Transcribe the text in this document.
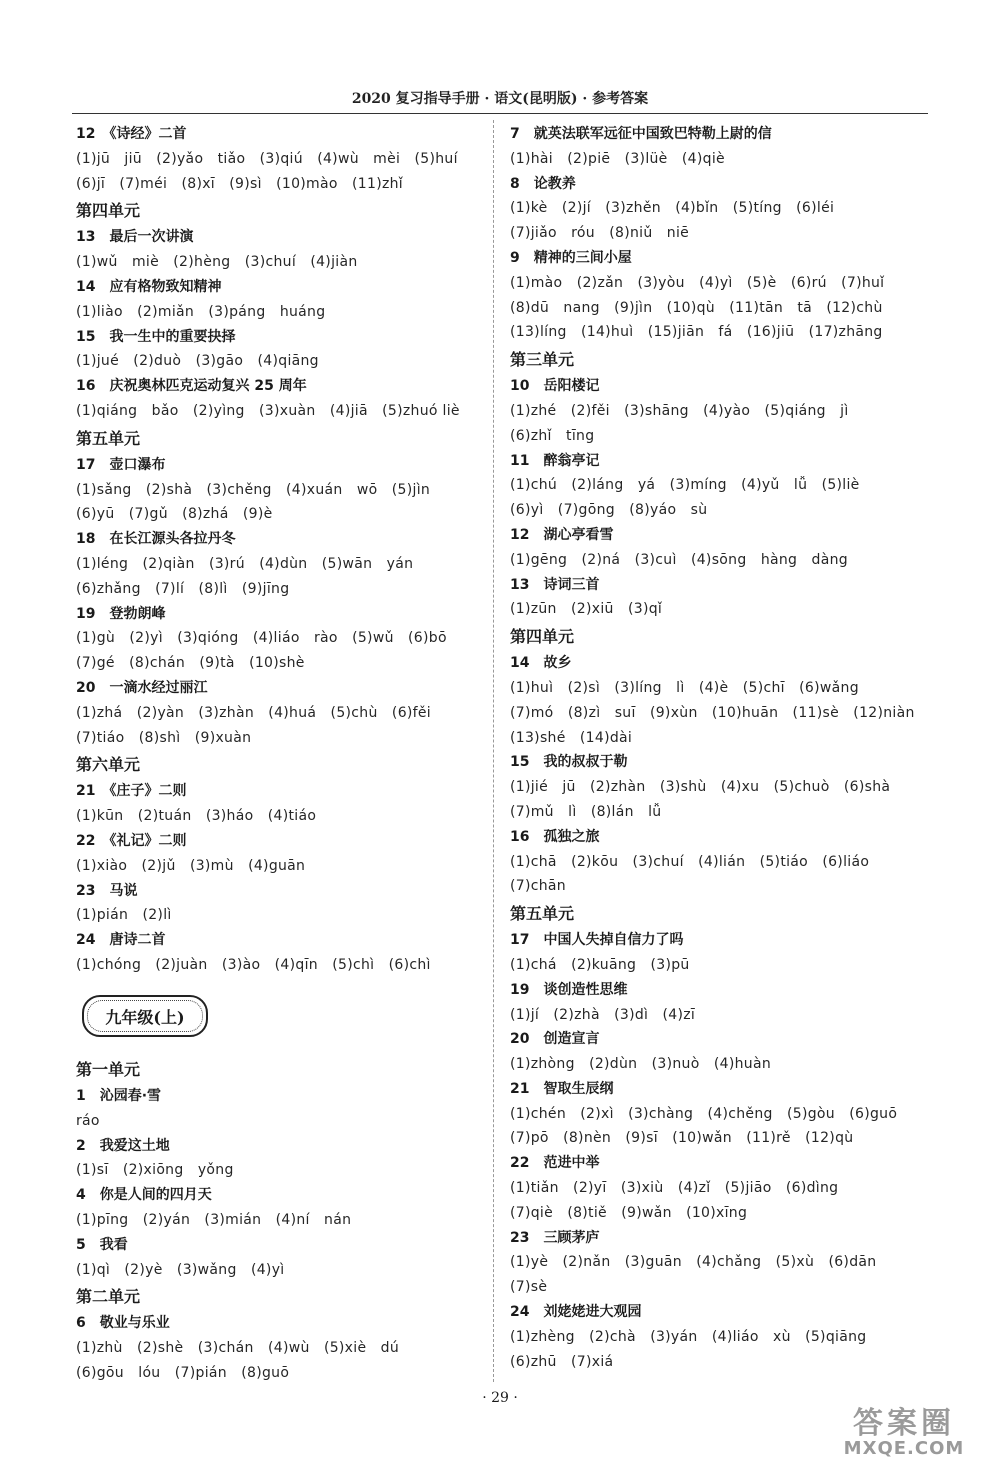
2020 复习指导手册 · 语文(昆明版) · 参考答案
12　《诗经》二首
(1)jū　jiū　(2)yǎo　tiǎo　(3)qiú　(4)wù　mèi　(5)huí
(6)jī　(7)méi　(8)xī　(9)sì　(10)mào　(11)zhǐ
第四单元
13　最后一次讲演
(1)wǔ　miè　(2)hèng　(3)chuí　(4)jiàn
14　应有格物致知精神
(1)liào　(2)miǎn　(3)páng　huáng
15　我一生中的重要抉择
(1)jué　(2)duò　(3)gāo　(4)qiāng
16　庆祝奥林匹克运动复兴 25 周年
(1)qiáng　bǎo　(2)yìng　(3)xuàn　(4)jiā　(5)zhuó liè
第五单元
17　壶口瀑布
(1)sǎng　(2)shà　(3)chěng　(4)xuán　wō　(5)jìn
(6)yū　(7)gǔ　(8)zhá　(9)è
18　在长江源头各拉丹冬
(1)léng　(2)qiàn　(3)rú　(4)dùn　(5)wān　yán
(6)zhǎng　(7)lí　(8)lì　(9)jīng
19　登勃朗峰
(1)gù　(2)yì　(3)qióng　(4)liáo　rào　(5)wǔ　(6)bō
(7)gé　(8)chán　(9)tà　(10)shè
20　一滴水经过丽江
(1)zhá　(2)yàn　(3)zhàn　(4)huá　(5)chù　(6)fěi
(7)tiáo　(8)shì　(9)xuàn
第六单元
21　《庄子》二则
(1)kūn　(2)tuán　(3)háo　(4)tiáo
22　《礼记》二则
(1)xiào　(2)jǔ　(3)mù　(4)guān
23　马说
(1)pián　(2)lì
24　唐诗二首
(1)chóng　(2)juàn　(3)ào　(4)qīn　(5)chì　(6)chì
九年级(上)
第一单元
1　沁园春·雪
ráo
2　我爱这土地
(1)sī　(2)xiōng　yǒng
4　你是人间的四月天
(1)pīng　(2)yán　(3)mián　(4)ní　nán
5　我看
(1)qì　(2)yè　(3)wǎng　(4)yì
第二单元
6　敬业与乐业
(1)zhù　(2)shè　(3)chán　(4)wù　(5)xiè　dú
(6)gōu　lóu　(7)pián　(8)guō
7　就英法联军远征中国致巴特勒上尉的信
(1)hài　(2)piē　(3)lüè　(4)qiè
8　论教养
(1)kè　(2)jí　(3)zhěn　(4)bǐn　(5)tíng　(6)léi
(7)jiǎo　róu　(8)niǔ　niē
9　精神的三间小屋
(1)mào　(2)zǎn　(3)yòu　(4)yì　(5)è　(6)rú　(7)huǐ
(8)dū　nang　(9)jìn　(10)qù　(11)tān　tā　(12)chù
(13)líng　(14)huì　(15)jiān　fá　(16)jiū　(17)zhāng
第三单元
10　岳阳楼记
(1)zhé　(2)fěi　(3)shāng　(4)yào　(5)qiáng　jì
(6)zhǐ　tīng
11　醉翁亭记
(1)chú　(2)láng　yá　(3)míng　(4)yǔ　lǚ　(5)liè
(6)yì　(7)gōng　(8)yáo　sù
12　湖心亭看雪
(1)gēng　(2)ná　(3)cuì　(4)sōng　hàng　dàng
13　诗词三首
(1)zūn　(2)xiū　(3)qǐ
第四单元
14　故乡
(1)huì　(2)sì　(3)líng　lì　(4)è　(5)chī　(6)wǎng
(7)mó　(8)zì　suī　(9)xùn　(10)huān　(11)sè　(12)niàn
(13)shé　(14)dài
15　我的叔叔于勒
(1)jié　jū　(2)zhàn　(3)shù　(4)xu　(5)chuò　(6)shà
(7)mǔ　lì　(8)lán　lǚ
16　孤独之旅
(1)chā　(2)kōu　(3)chuí　(4)lián　(5)tiáo　(6)liáo
(7)chān
第五单元
17　中国人失掉自信力了吗
(1)chá　(2)kuāng　(3)pū
19　谈创造性思维
(1)jí　(2)zhà　(3)dì　(4)zī
20　创造宣言
(1)zhòng　(2)dùn　(3)nuò　(4)huàn
21　智取生辰纲
(1)chén　(2)xì　(3)chàng　(4)chěng　(5)gòu　(6)guō
(7)pō　(8)nèn　(9)sī　(10)wǎn　(11)rě　(12)qù
22　范进中举
(1)tiǎn　(2)yī　(3)xiù　(4)zǐ　(5)jiāo　(6)dìng
(7)qiè　(8)tiě　(9)wǎn　(10)xīng
23　三顾茅庐
(1)yè　(2)nǎn　(3)guān　(4)chǎng　(5)xù　(6)dān
(7)sè
24　刘姥姥进大观园
(1)zhèng　(2)chà　(3)yán　(4)liáo　xù　(5)qiāng
(6)zhū　(7)xiá
· 29 ·
答案圈
MXQE.COM
